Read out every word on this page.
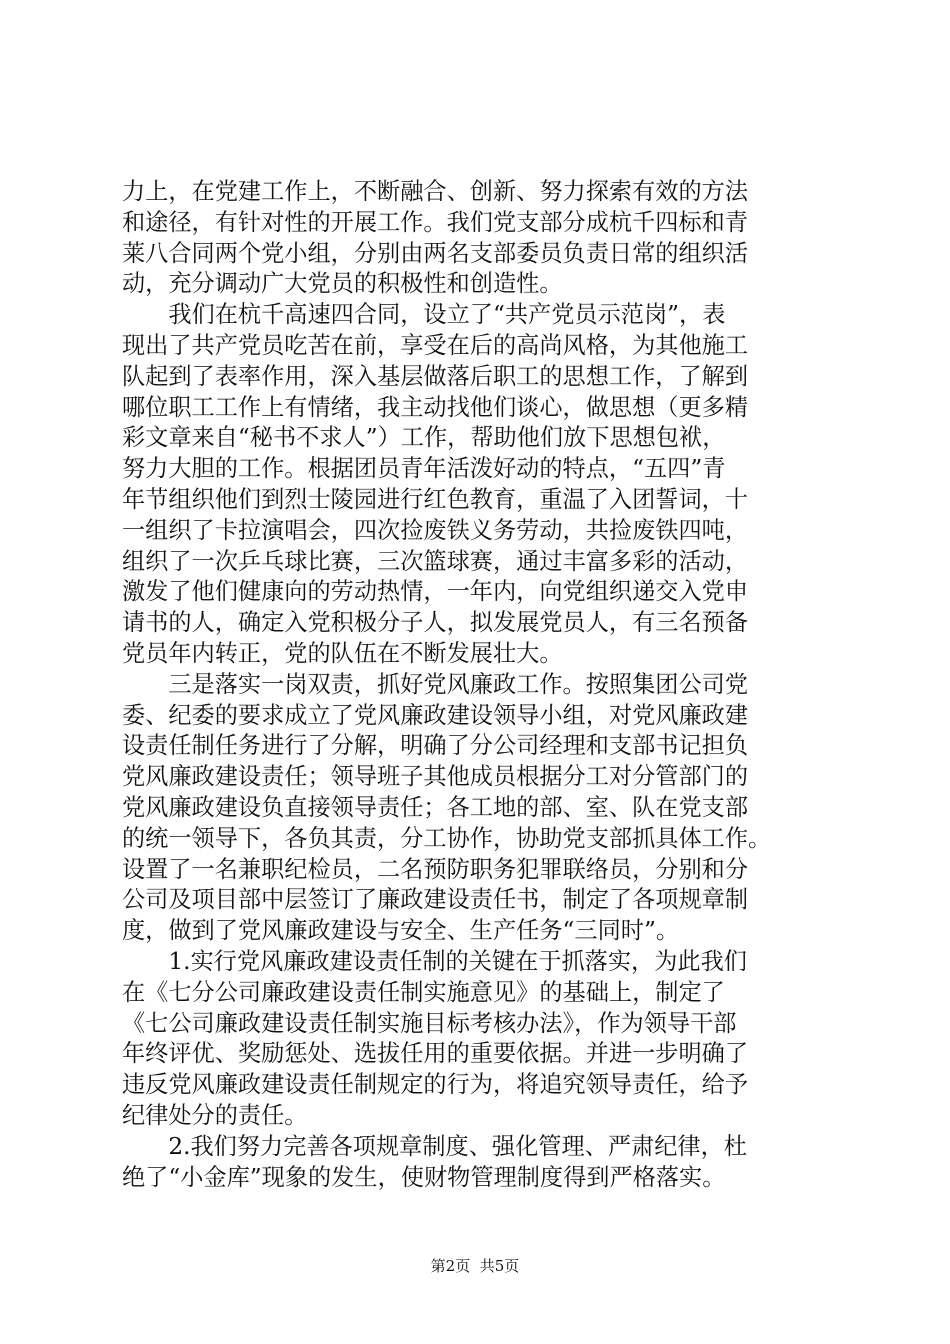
力上，在党建工作上，不断融合、创新、努力探索有效的方法
和途径，有针对性的开展工作。我们党支部分成杭千四标和青
莱八合同两个党小组，分别由两名支部委员负责日常的组织活
动，充分调动广大党员的积极性和创造性。
　　我们在杭千高速四合同，设立了“共产党员示范岗”，表
现出了共产党员吃苦在前，享受在后的高尚风格，为其他施工
队起到了表率作用，深入基层做落后职工的思想工作，了解到
哪位职工工作上有情绪，我主动找他们谈心，做思想（更多精
彩文章来自“秘书不求人”）工作，帮助他们放下思想包袱，
努力大胆的工作。根据团员青年活泼好动的特点，“五四”青
年节组织他们到烈士陵园进行红色教育，重温了入团誓词，十
一组织了卡拉演唱会，四次捡废铁义务劳动，共捡废铁四吨，
组织了一次乒乓球比赛，三次篮球赛，通过丰富多彩的活动，
激发了他们健康向的劳动热情，一年内，向党组织递交入党申
请书的人，确定入党积极分子人，拟发展党员人，有三名预备
党员年内转正，党的队伍在不断发展壮大。
　　三是落实一岗双责，抓好党风廉政工作。按照集团公司党
委、纪委的要求成立了党风廉政建设领导小组，对党风廉政建
设责任制任务进行了分解，明确了分公司经理和支部书记担负
党风廉政建设责任；领导班子其他成员根据分工对分管部门的
党风廉政建设负直接领导责任；各工地的部、室、队在党支部
的统一领导下，各负其责，分工协作，协助党支部抓具体工作。
设置了一名兼职纪检员，二名预防职务犯罪联络员，分别和分
公司及项目部中层签订了廉政建设责任书，制定了各项规章制
度，做到了党风廉政建设与安全、生产任务“三同时”。
　　1.实行党风廉政建设责任制的关键在于抓落实，为此我们
在《七分公司廉政建设责任制实施意见》的基础上，制定了
《七公司廉政建设责任制实施目标考核办法》，作为领导干部
年终评优、奖励惩处、选拔任用的重要依据。并进一步明确了
违反党风廉政建设责任制规定的行为，将追究领导责任，给予
纪律处分的责任。
　　2.我们努力完善各项规章制度、强化管理、严肃纪律，杜
绝了“小金库”现象的发生，使财物管理制度得到严格落实。
第2页 共5页
